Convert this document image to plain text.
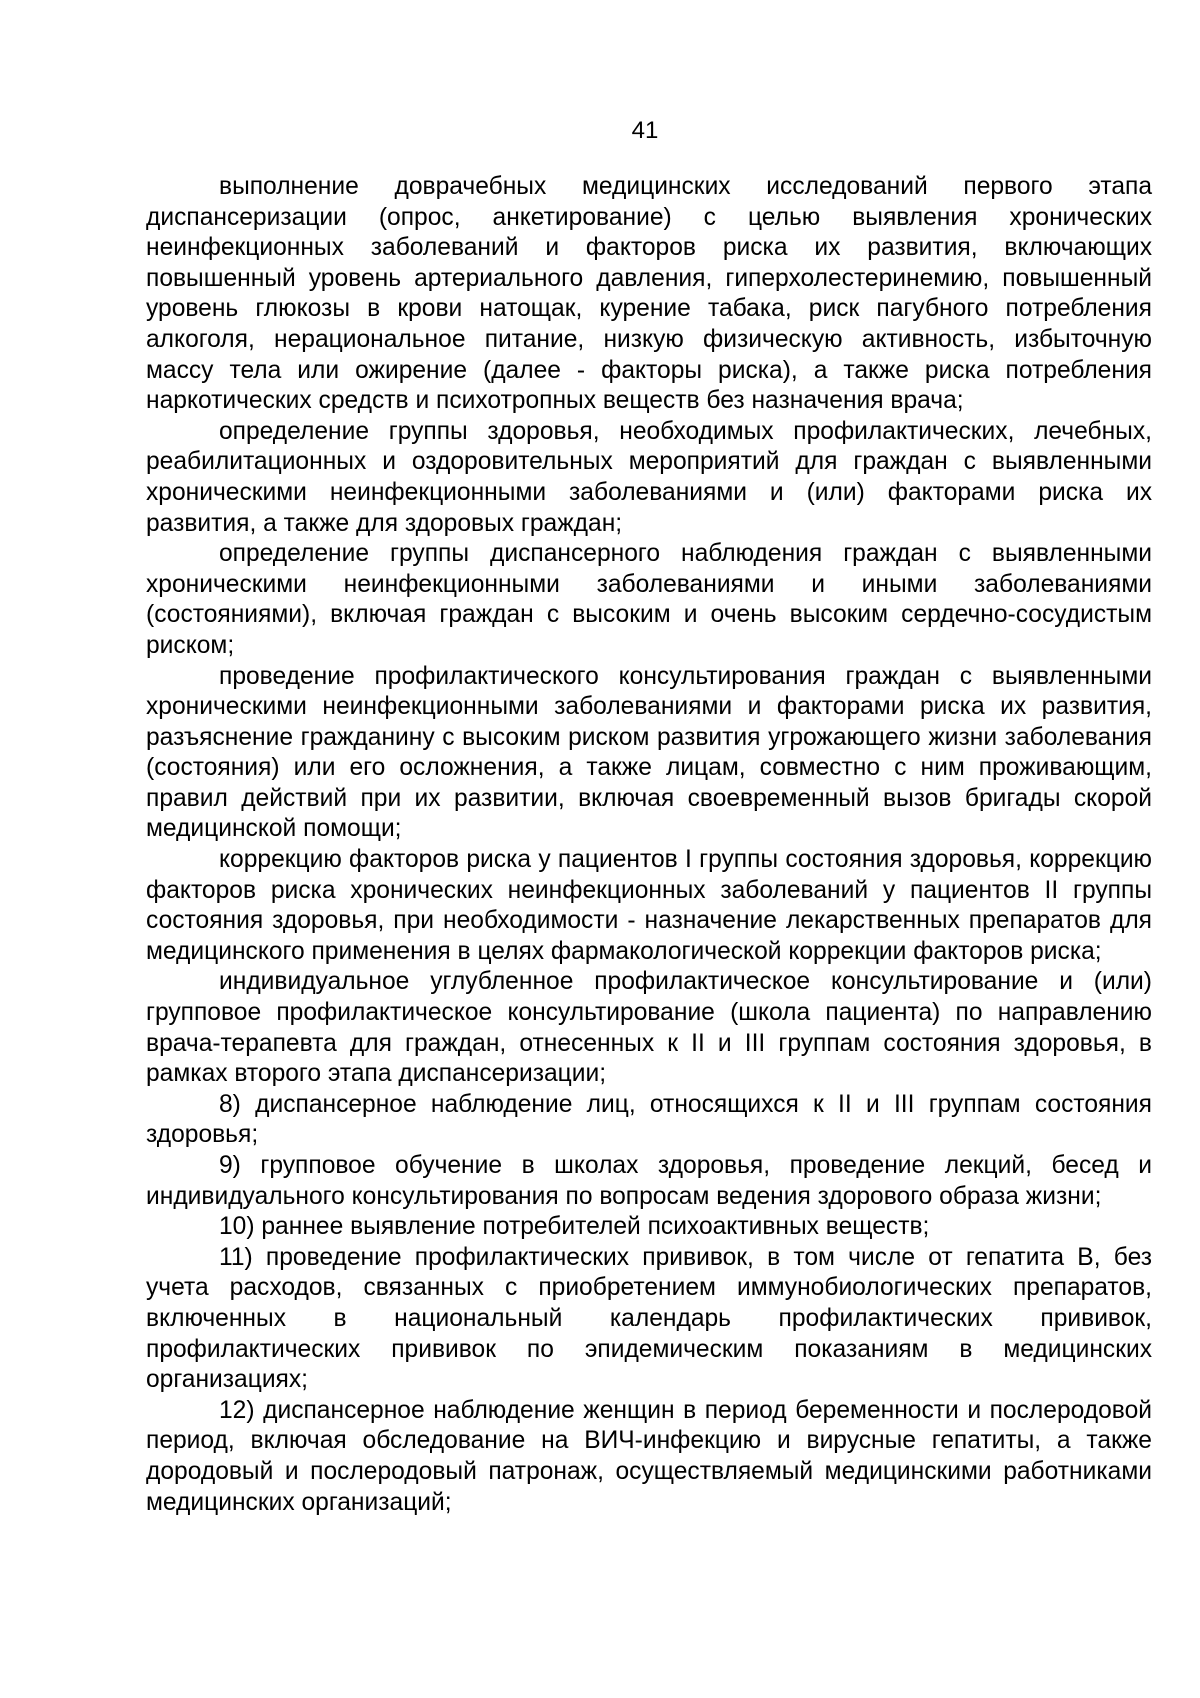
41

выполнение доврачебных медицинских исследований первого этапа диспансеризации (опрос, анкетирование) с целью выявления хронических неинфекционных заболеваний и факторов риска их развития, включающих повышенный уровень артериального давления, гиперхолестеринемию, повышенный уровень глюкозы в крови натощак, курение табака, риск пагубного потребления алкоголя, нерациональное питание, низкую физическую активность, избыточную массу тела или ожирение (далее - факторы риска), а также риска потребления наркотических средств и психотропных веществ без назначения врача;

определение группы здоровья, необходимых профилактических, лечебных, реабилитационных и оздоровительных мероприятий для граждан с выявленными хроническими неинфекционными заболеваниями и (или) факторами риска их развития, а также для здоровых граждан;

определение группы диспансерного наблюдения граждан с выявленными хроническими неинфекционными заболеваниями и иными заболеваниями (состояниями), включая граждан с высоким и очень высоким сердечно-сосудистым риском;

проведение профилактического консультирования граждан с выявленными хроническими неинфекционными заболеваниями и факторами риска их развития, разъяснение гражданину с высоким риском развития угрожающего жизни заболевания (состояния) или его осложнения, а также лицам, совместно с ним проживающим, правил действий при их развитии, включая своевременный вызов бригады скорой медицинской помощи;

коррекцию факторов риска у пациентов I группы состояния здоровья, коррекцию факторов риска хронических неинфекционных заболеваний у пациентов II группы состояния здоровья, при необходимости - назначение лекарственных препаратов для медицинского применения в целях фармакологической коррекции факторов риска;

индивидуальное углубленное профилактическое консультирование и (или) групповое профилактическое консультирование (школа пациента) по направлению врача-терапевта для граждан, отнесенных к II и III группам состояния здоровья, в рамках второго этапа диспансеризации;

8) диспансерное наблюдение лиц, относящихся к II и III группам состояния здоровья;

9) групповое обучение в школах здоровья, проведение лекций, бесед и индивидуального консультирования по вопросам ведения здорового образа жизни;

10) раннее выявление потребителей психоактивных веществ;

11) проведение профилактических прививок, в том числе от гепатита B, без учета расходов, связанных с приобретением иммунобиологических препаратов, включенных в национальный календарь профилактических прививок, профилактических прививок по эпидемическим показаниям в медицинских организациях;

12) диспансерное наблюдение женщин в период беременности и послеродовой период, включая обследование на ВИЧ-инфекцию и вирусные гепатиты, а также дородовый и послеродовый патронаж, осуществляемый медицинскими работниками медицинских организаций;
